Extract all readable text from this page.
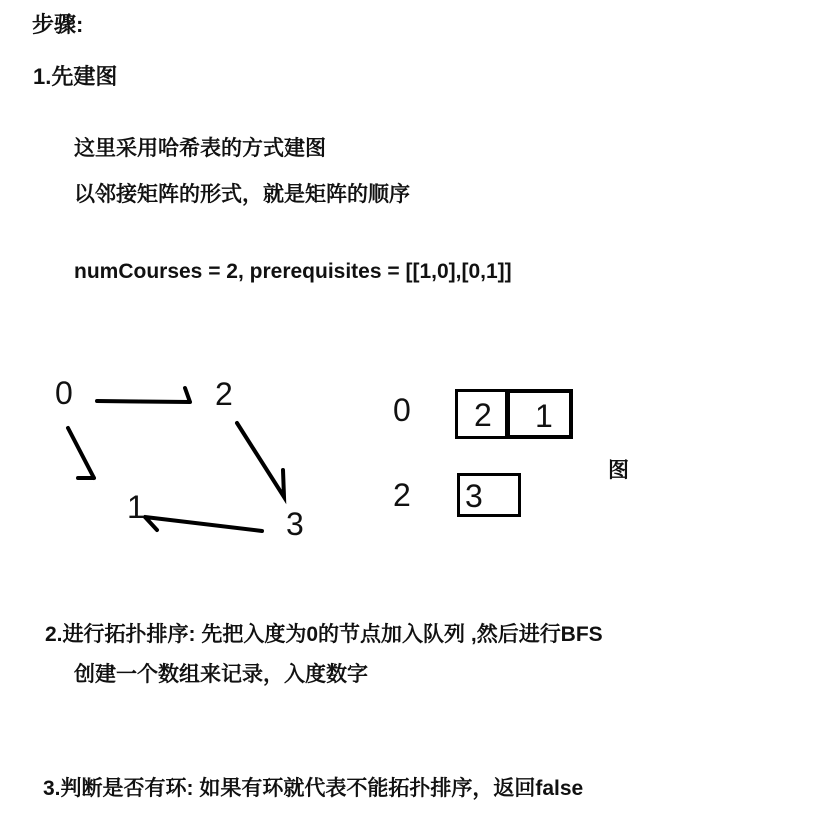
步骤:
1.先建图
这里采用哈希表的方式建图
以邻接矩阵的形式，就是矩阵的顺序
numCourses = 2, prerequisites = [[1,0],[0,1]]
0	2
1	3
0	2	1
2 3
图
2.进行拓扑排序: 先把入度为0的节点加入队列 ,然后进行BFS
创建一个数组来记录，入度数字
3.判断是否有环: 如果有环就代表不能拓扑排序，返回false
